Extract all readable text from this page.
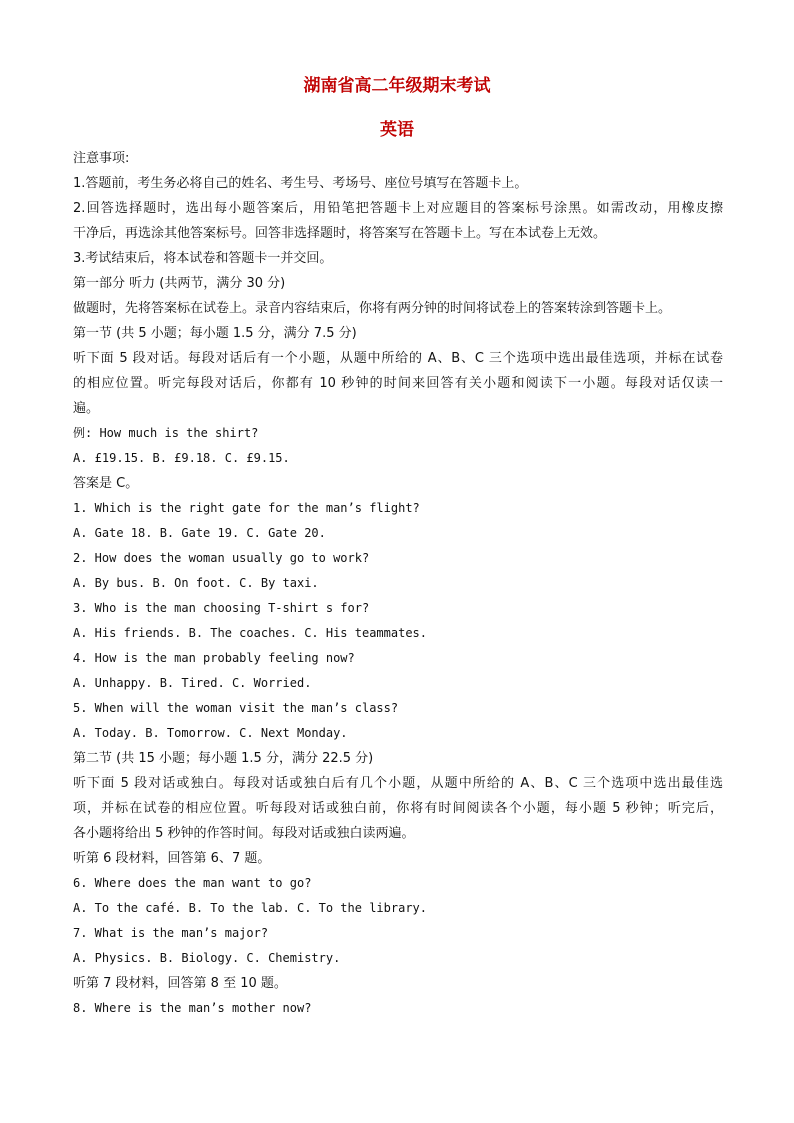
湖南省高二年级期末考试
英语
注意事项:
1.答题前，考生务必将自己的姓名、考生号、考场号、座位号填写在答题卡上。
2.回答选择题时，选出每小题答案后，用铅笔把答题卡上对应题目的答案标号涂黑。如需改动，用橡皮擦
干净后，再选涂其他答案标号。回答非选择题时，将答案写在答题卡上。写在本试卷上无效。
3.考试结束后，将本试卷和答题卡一并交回。
第一部分 听力 (共两节，满分 30 分)
做题时，先将答案标在试卷上。录音内容结束后，你将有两分钟的时间将试卷上的答案转涂到答题卡上。
第一节 (共 5 小题；每小题 1.5 分，满分 7.5 分)
听下面 5 段对话。每段对话后有一个小题，从题中所给的 A、B、C 三个选项中选出最佳选项，并标在试卷
的相应位置。听完每段对话后，你都有 10 秒钟的时间来回答有关小题和阅读下一小题。每段对话仅读一
遍。
例: How much is the shirt?
A. £19.15. B. £9.18. C. £9.15.
答案是 C。
1. Which is the right gate for the man’s flight?
A. Gate 18. B. Gate 19. C. Gate 20.
2. How does the woman usually go to work?
A. By bus. B. On foot. C. By taxi.
3. Who is the man choosing T-shirt s for?
A. His friends. B. The coaches. C. His teammates.
4. How is the man probably feeling now?
A. Unhappy. B. Tired. C. Worried.
5. When will the woman visit the man’s class?
A. Today. B. Tomorrow. C. Next Monday.
第二节 (共 15 小题；每小题 1.5 分，满分 22.5 分)
听下面 5 段对话或独白。每段对话或独白后有几个小题，从题中所给的 A、B、C 三个选项中选出最佳选
项，并标在试卷的相应位置。听每段对话或独白前，你将有时间阅读各个小题，每小题 5 秒钟；听完后，
各小题将给出 5 秒钟的作答时间。每段对话或独白读两遍。
听第 6 段材料，回答第 6、7 题。
6. Where does the man want to go?
A. To the café. B. To the lab. C. To the library.
7. What is the man’s major?
A. Physics. B. Biology. C. Chemistry.
听第 7 段材料，回答第 8 至 10 题。
8. Where is the man’s mother now?
